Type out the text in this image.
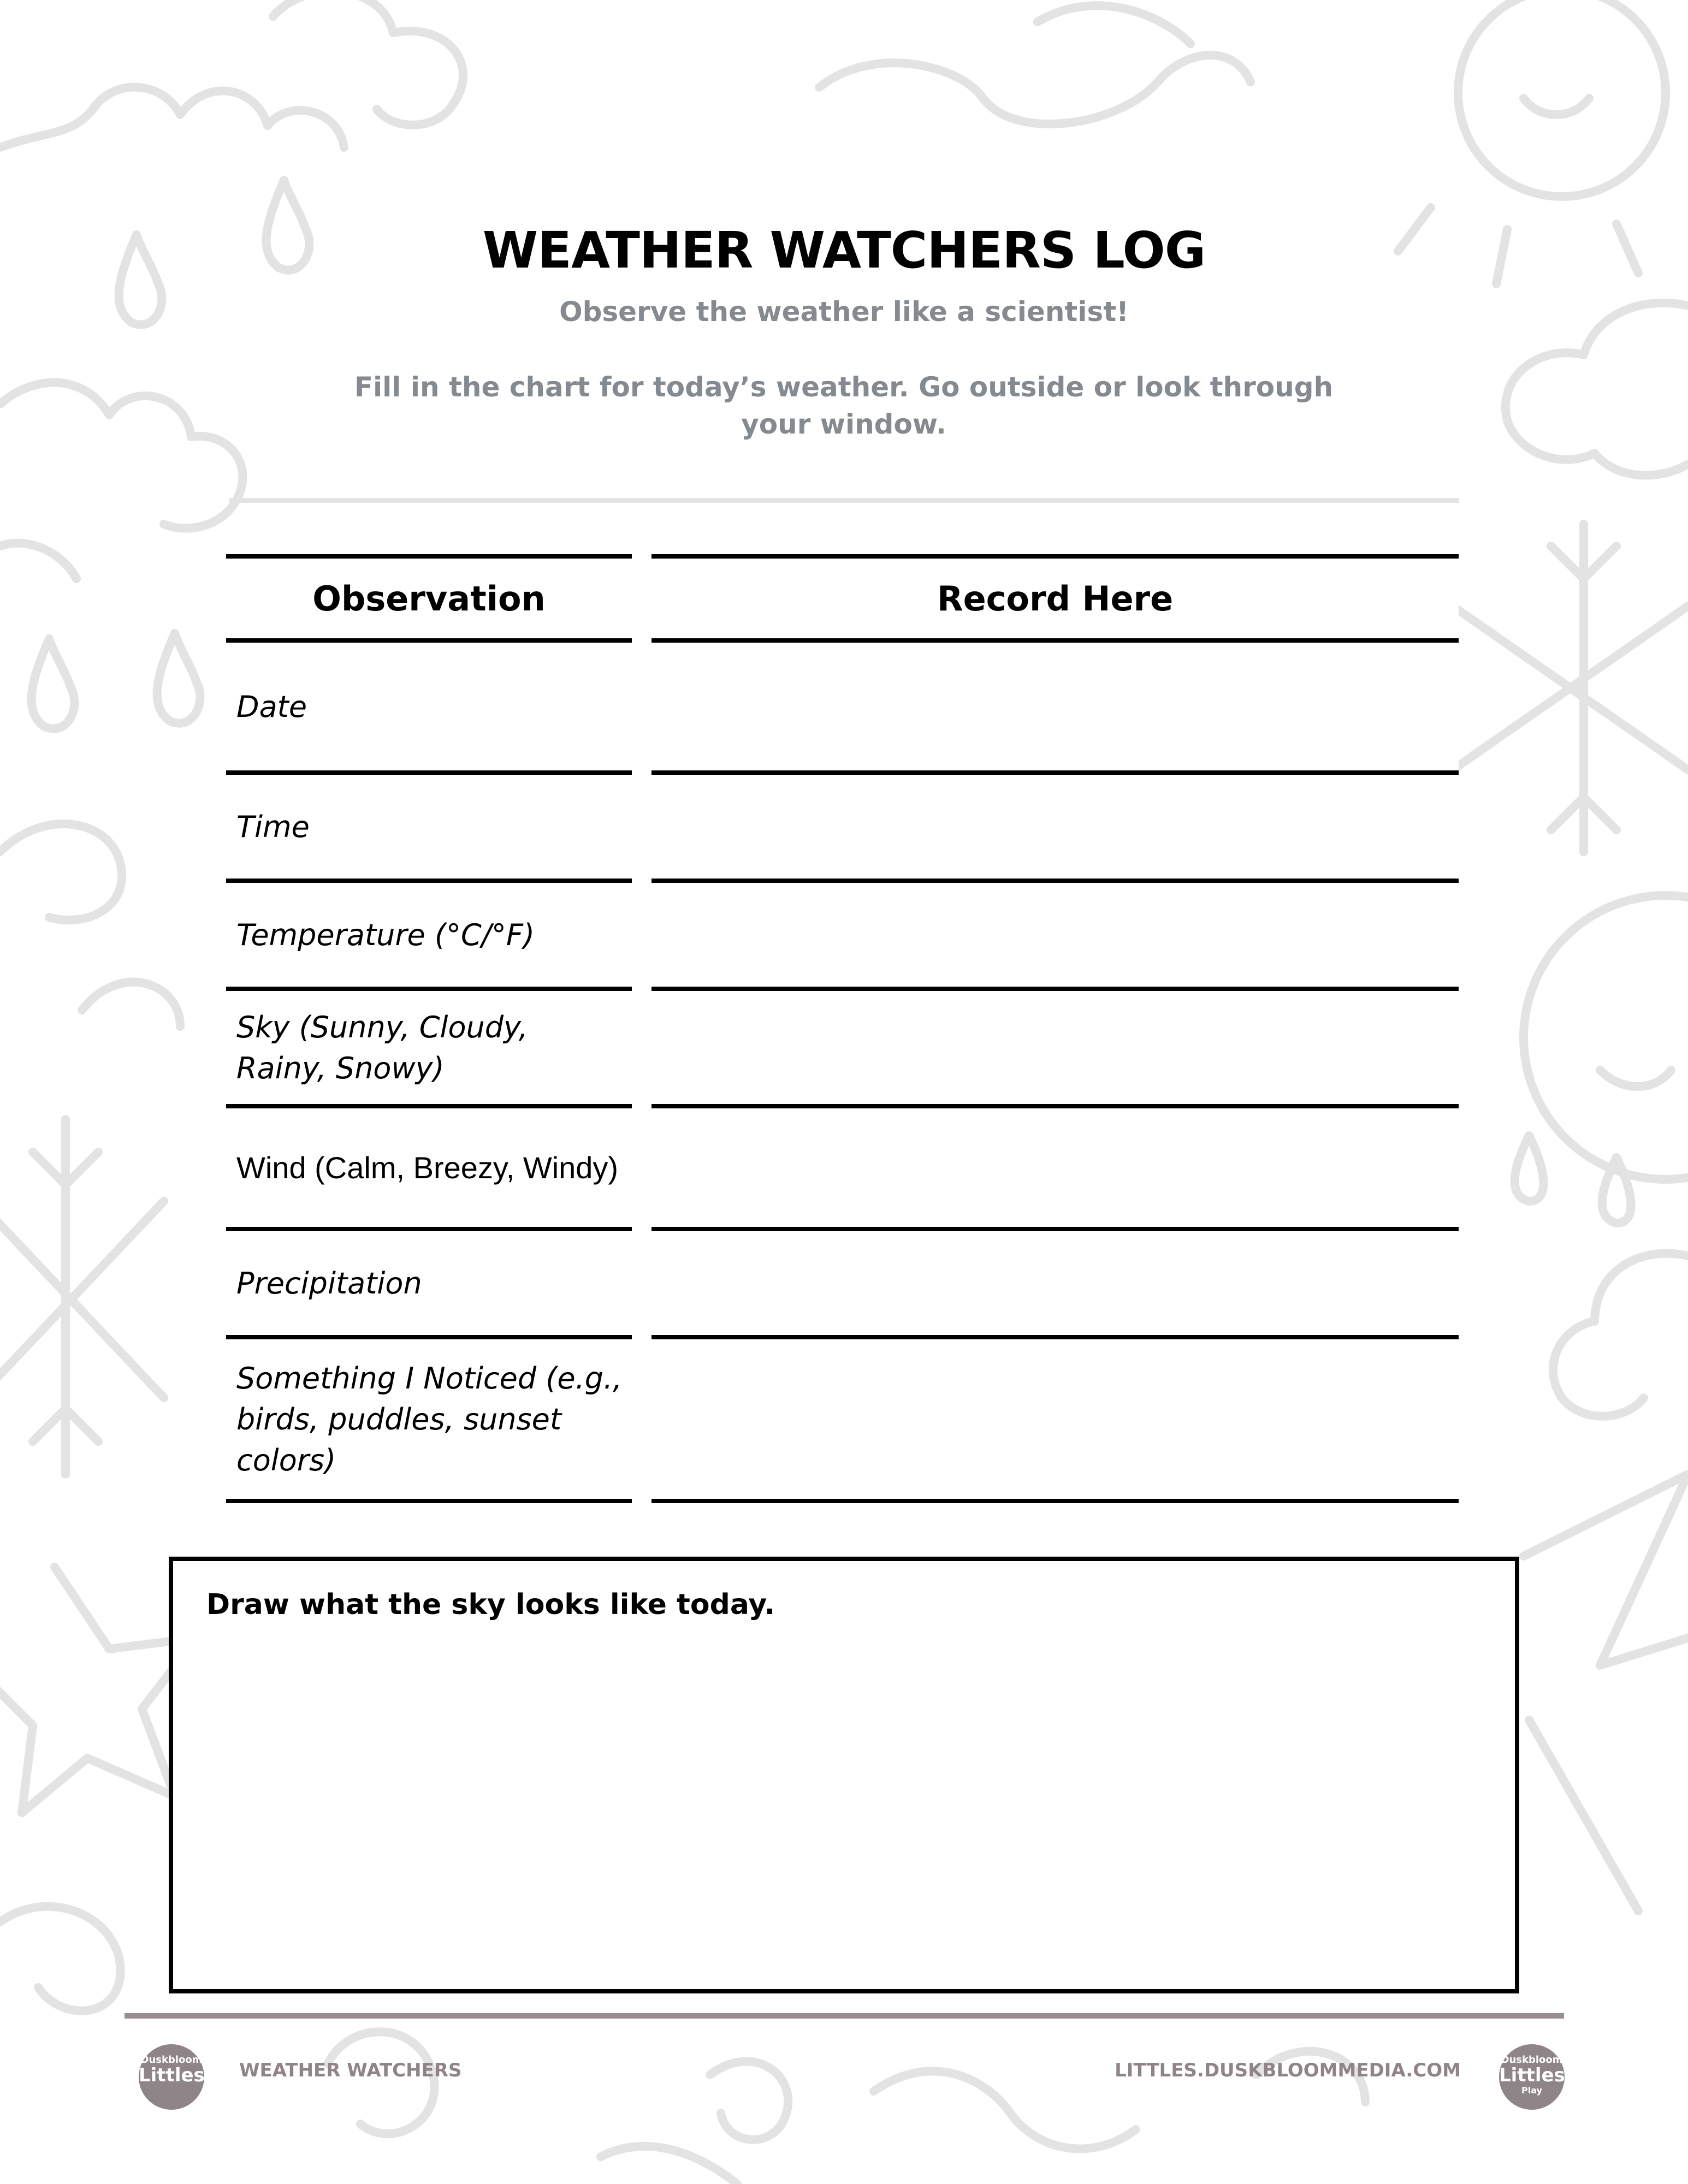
WEATHER WATCHERS LOG
Observe the weather like a scientist!
Fill in the chart for today’s weather. Go outside or look through your window.
Observation	Record Here
Date
Time
Temperature (°C/°F)
Sky (Sunny, Cloudy, Rainy, Snowy)
Wind (Calm, Breezy, Windy)
Precipitation
Something I Noticed (e.g., birds, puddles, sunset colors)
Draw what the sky looks like today.
Duskbloom
Littles WEATHER WATCHERS	LITTLES.DUSKBLOOMMEDIA.COM	Duskbloom
Littles
Play
